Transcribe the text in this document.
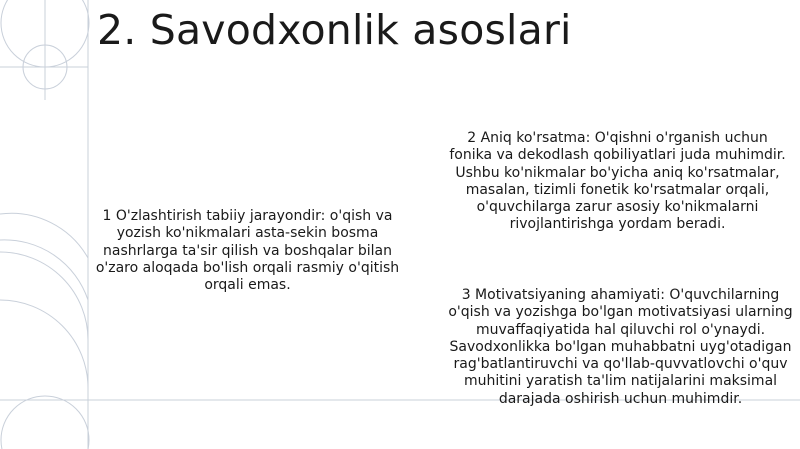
2. Savodxonlik asoslari

1 O'zlashtirish tabiiy jarayondir: o'qish va yozish ko'nikmalari asta-sekin bosma nashrlarga ta'sir qilish va boshqalar bilan o'zaro aloqada bo'lish orqali rasmiy o'qitish orqali emas.

2 Aniq ko'rsatma: O'qishni o'rganish uchun fonika va dekodlash qobiliyatlari juda muhimdir. Ushbu ko'nikmalar bo'yicha aniq ko'rsatmalar, masalan, tizimli fonetik ko'rsatmalar orqali, o'quvchilarga zarur asosiy ko'nikmalarni rivojlantirishga yordam beradi.

3 Motivatsiyaning ahamiyati: O'quvchilarning o'qish va yozishga bo'lgan motivatsiyasi ularning muvaffaqiyatida hal qiluvchi rol o'ynaydi. Savodxonlikka bo'lgan muhabbatni uyg'otadigan rag'batlantiruvchi va qo'llab-quvvatlovchi o'quv muhitini yaratish ta'lim natijalarini maksimal darajada oshirish uchun muhimdir.
